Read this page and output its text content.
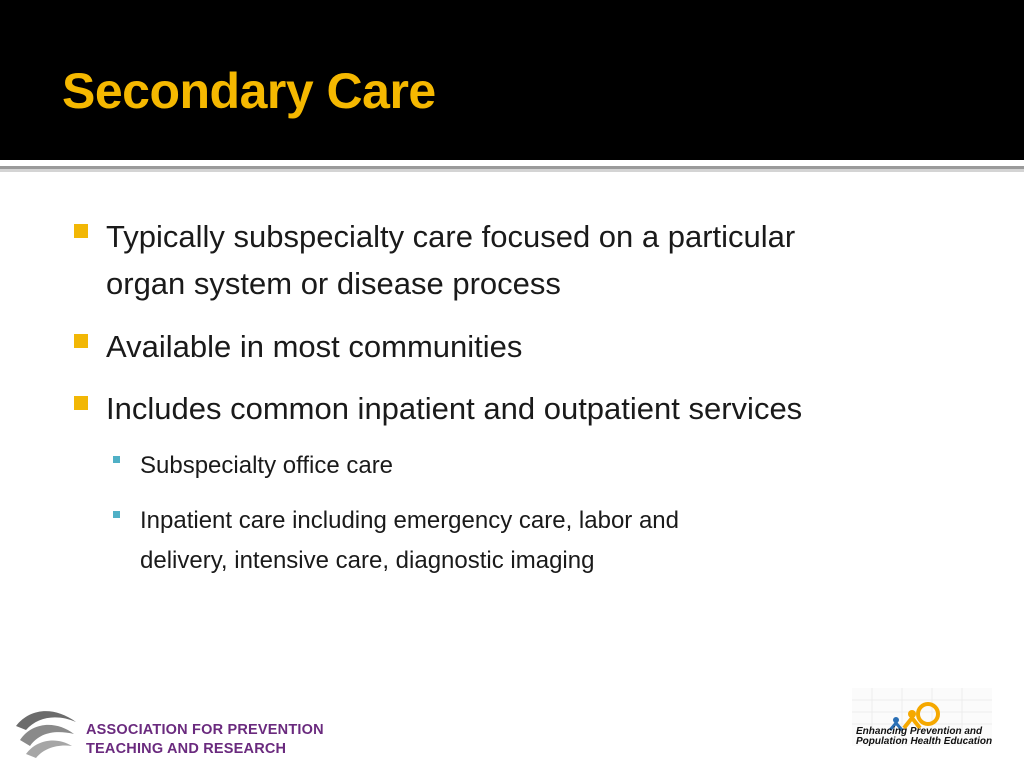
Secondary Care
Typically subspecialty care focused on a particular
organ system or disease process
Available in most communities
Includes common inpatient and outpatient services
Subspecialty office care
Inpatient care including emergency care, labor and
delivery, intensive care, diagnostic imaging
ASSOCIATION FOR PREVENTION
TEACHING AND RESEARCH
Enhancing Prevention and
Population Health Education
